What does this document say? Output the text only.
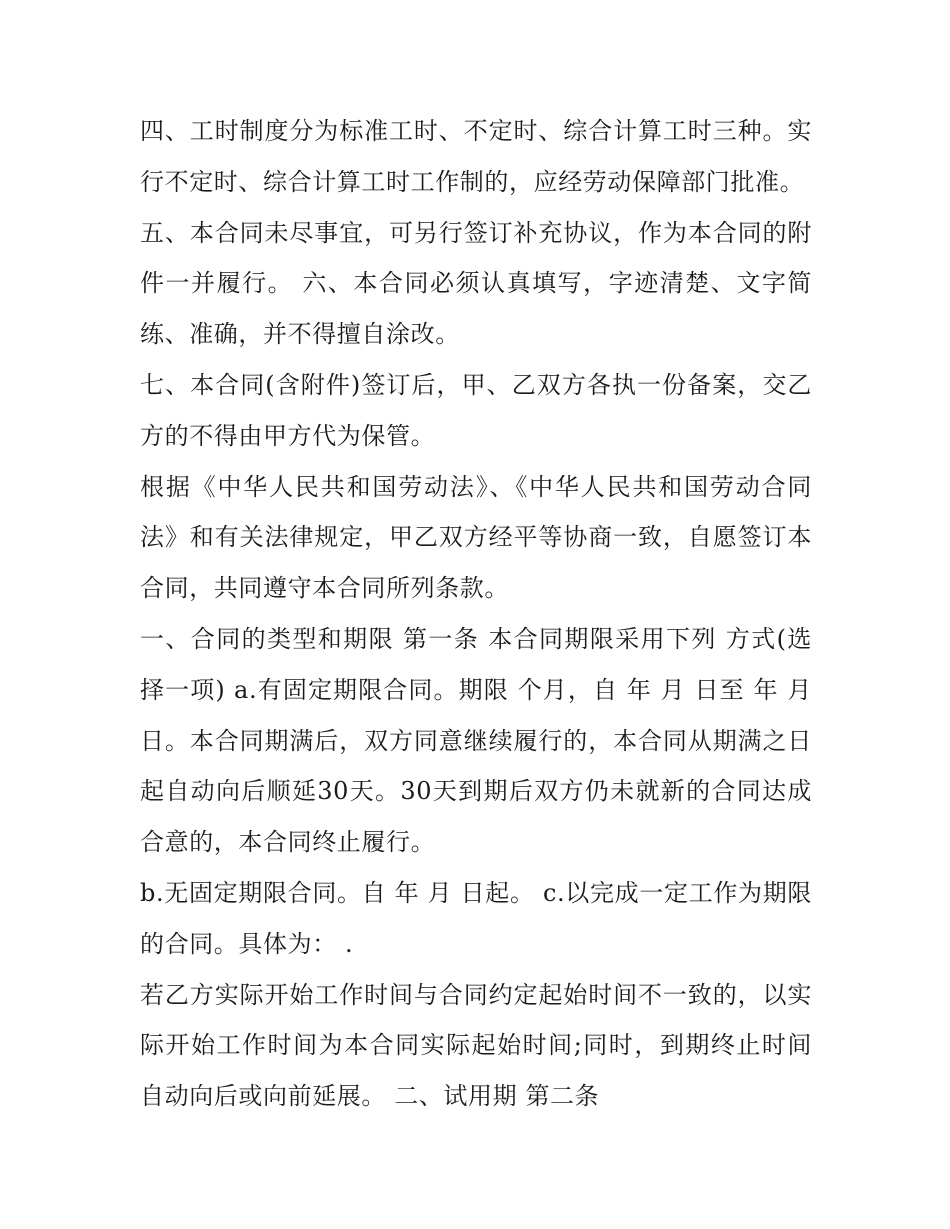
四、工时制度分为标准工时、不定时、综合计算工时三种。实行不定时、综合计算工时工作制的，应经劳动保障部门批准。

五、本合同未尽事宜，可另行签订补充协议，作为本合同的附件一并履行。 六、本合同必须认真填写，字迹清楚、文字简练、准确，并不得擅自涂改。

七、本合同(含附件)签订后，甲、乙双方各执一份备案，交乙方的不得由甲方代为保管。

根据《中华人民共和国劳动法》、《中华人民共和国劳动合同法》和有关法律规定，甲乙双方经平等协商一致，自愿签订本合同，共同遵守本合同所列条款。

一、合同的类型和期限 第一条 本合同期限采用下列 方式(选择一项) a.有固定期限合同。期限 个月，自 年 月 日至 年 月日。本合同期满后，双方同意继续履行的，本合同从期满之日起自动向后顺延30天。30天到期后双方仍未就新的合同达成合意的，本合同终止履行。

b.无固定期限合同。自 年 月 日起。 c.以完成一定工作为期限的合同。具体为： .

若乙方实际开始工作时间与合同约定起始时间不一致的，以实际开始工作时间为本合同实际起始时间;同时，到期终止时间自动向后或向前延展。 二、试用期 第二条
